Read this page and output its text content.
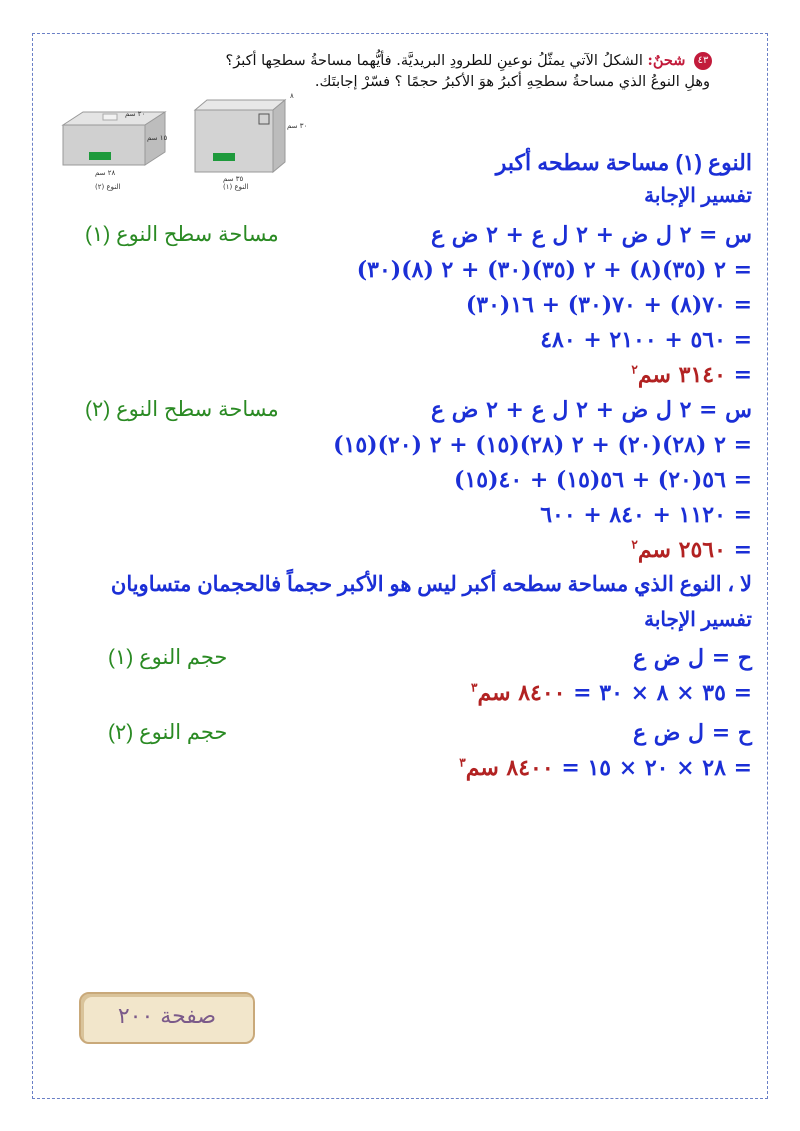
٤٣ شحنٌ: الشكلُ الآتي يمثّلُ نوعينِ للطرودِ البريديَّة. فأيُّهما مساحةُ سطحِها أكبرُ؟
وهلِ النوعُ الذي مساحةُ سطحِهِ أكبرُ هوَ الأكبرُ حجمًا ؟ فسّرْ إجابتَك.
النوع (٢)	النوع (١)
٢٨ سم
١٥ سم
٢٠ سم
٣٥ سم
٣٠ سم
٨
النوع (١) مساحة سطحه أكبر
تفسير الإجابة
س = ٢ ل ض + ٢ ل ع + ٢ ض ع
مساحة سطح النوع (١)
= ٢ (٣٥)(٨) + ٢ (٣٥)(٣٠) + ٢ (٨)(٣٠)
= ٧٠(٨) + ٧٠(٣٠) + ١٦(٣٠)
= ٥٦٠ + ٢١٠٠ + ٤٨٠
= ٣١٤٠ سم$^٢$
س = ٢ ل ض + ٢ ل ع + ٢ ض ع
مساحة سطح النوع (٢)
= ٢ (٢٨)(٢٠) + ٢ (٢٨)(١٥) + ٢ (٢٠)(١٥)
= ٥٦(٢٠) + ٥٦(١٥) + ٤٠(١٥)
= ١١٢٠ + ٨٤٠ + ٦٠٠
= ٢٥٦٠ سم$^٢$
لا ، النوع الذي مساحة سطحه أكبر ليس هو الأكبر حجماً فالحجمان متساويان
تفسير الإجابة
ح = ل ض ع
حجم النوع (١)
= ٣٥ × ٨ × ٣٠ = ٨٤٠٠ سم$^٣$
ح = ل ض ع
حجم النوع (٢)
= ٢٨ × ٢٠ × ١٥ = ٨٤٠٠ سم$^٣$
صفحة ٢٠٠
